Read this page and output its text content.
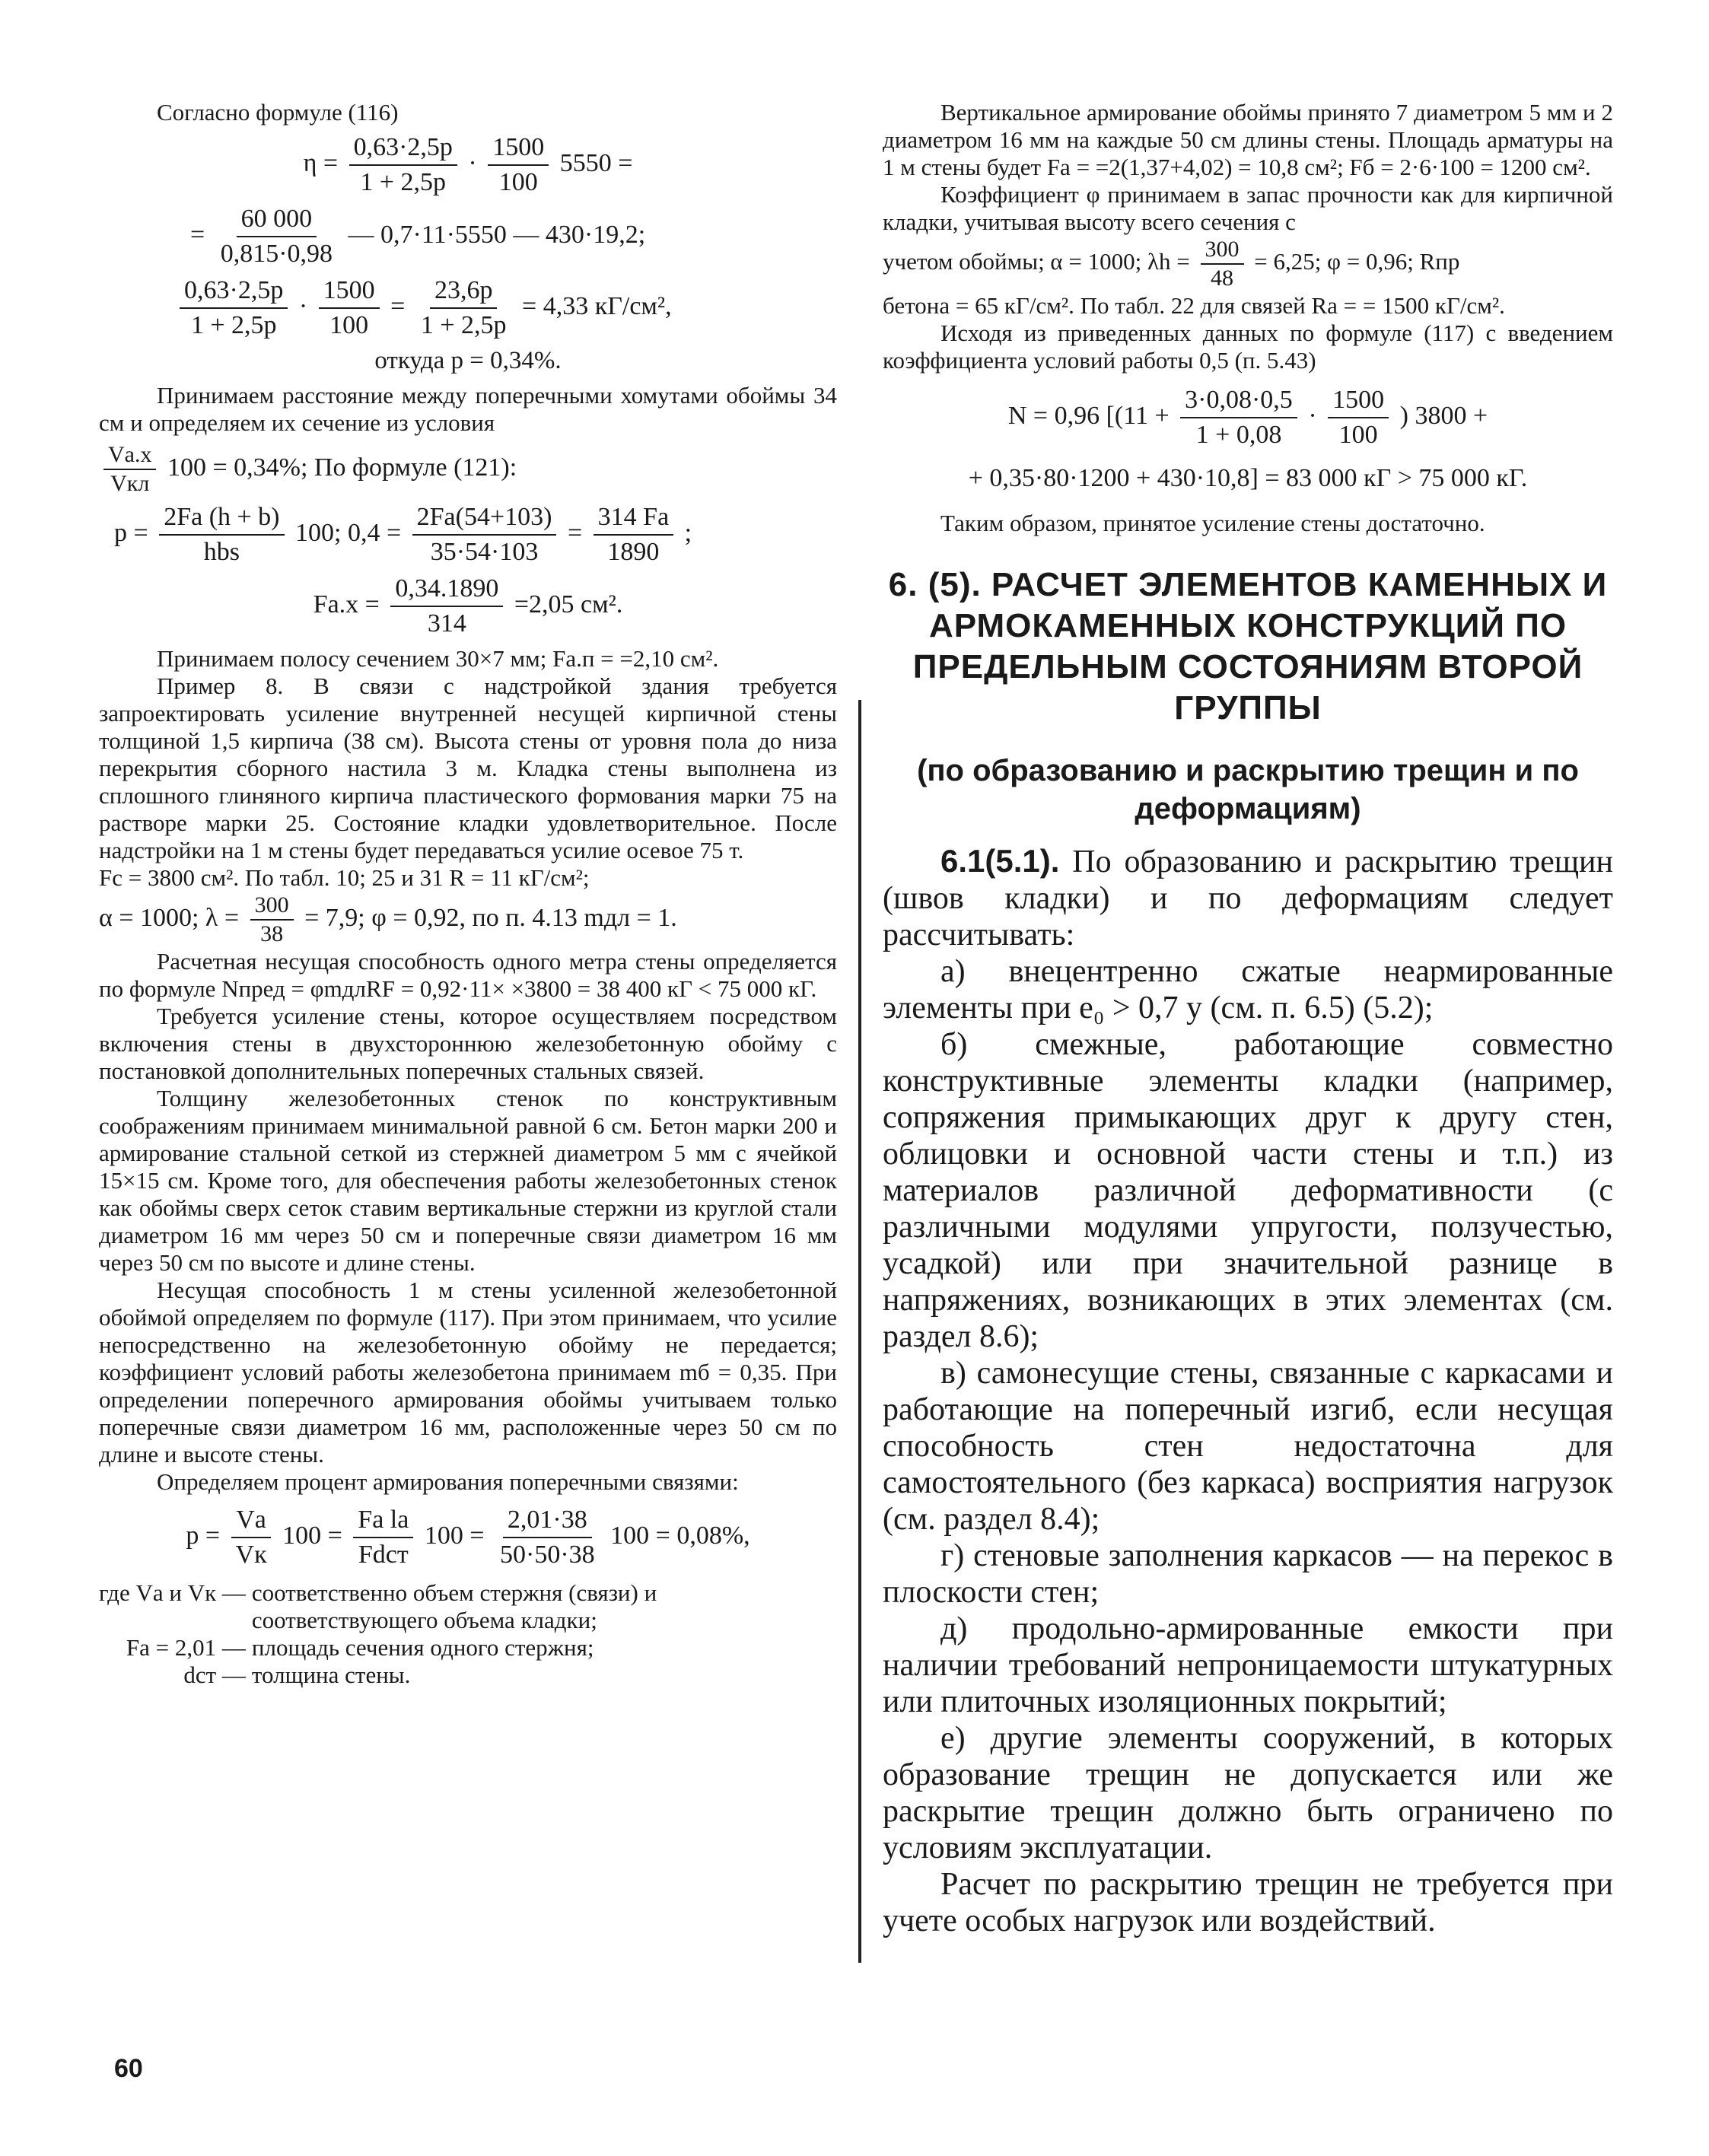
Согласно формуле (116)

$\eta = \frac{0,63\cdot 2,5p}{1 + 2,5p} \cdot \frac{1500}{100} 5550$ =
= $\frac{60 000}{0,815\cdot 0,98}$ — 0,7·11·5550 — 430·19,2;
$\frac{0,63\cdot 2,5p}{1 + 2,5p} \cdot \frac{1500}{100} = \frac{23,6p}{1 + 2,5p} = 4,33$ кГ/см²,

откуда p = 0,34%.

Принимаем расстояние между поперечными хомутами обоймы 34 см и определяем их сечение из условия

$\frac{Vа.х}{\text{Vкл}} 100 = 0,34\%$; По формуле (121):
$p = \frac{2Fа (h + b)}{\text{hbs}} 100$; $0,4 = \frac{2Fа(54+103)}{35\cdot 54\cdot 103} = \frac{314 Fа}{1890}$ ;
$Fа.х = \frac{0,34.1890}{314} =2,05$ см².

Принимаем полосу сечением 30×7 мм; Fа.п = =2,10 см².

Пример 8. В связи с надстройкой здания требуется запроектировать усиление внутренней несущей кирпичной стены толщиной 1,5 кирпича (38 см). Высота стены от уровня пола до низа перекрытия сборного настила 3 м. Кладка стены выполнена из сплошного глиняного кирпича пластического формования марки 75 на растворе марки 25. Состояние кладки удовлетворительное. После надстройки на 1 м стены будет передаваться усилие осевое 75 т.

Fc = 3800 см². По табл. 10; 25 и 31 R = 11 кГ/см²;

α = 1000; $\lambda = \frac{300}{38} = 7,9$; φ = 0,92, по п. 4.13 mдл = 1.

Расчетная несущая способность одного метра стены определяется по формуле Nпред = φmдлRF = 0,92·11× ×3800 = 38 400 кГ < 75 000 кГ.

Требуется усиление стены, которое осуществляем посредством включения стены в двухстороннюю железобетонную обойму с постановкой дополнительных поперечных стальных связей.

Толщину железобетонных стенок по конструктивным соображениям принимаем минимальной равной 6 см. Бетон марки 200 и армирование стальной сеткой из стержней диаметром 5 мм с ячейкой 15×15 см. Кроме того, для обеспечения работы железобетонных стенок как обоймы сверх сеток ставим вертикальные стержни из круглой стали диаметром 16 мм через 50 см и поперечные связи диаметром 16 мм через 50 см по высоте и длине стены.

Несущая способность 1 м стены усиленной железобетонной обоймой определяем по формуле (117). При этом принимаем, что усилие непосредственно на железобетонную обойму не передается; коэффициент условий работы железобетона принимаем mб = 0,35. При определении поперечного армирования обоймы учитываем только поперечные связи диаметром 16 мм, расположенные через 50 см по длине и высоте стены.

Определяем процент армирования поперечными связями:

$p = \frac{Vа}{Vк} 100 = \frac{\text{Fа lа}}{\text{Fdст}} 100 = \frac{2,01\cdot 38}{50\cdot 50\cdot 38} 100 = 0,08\%$,
где Vа и Vк —	соответственно объем стержня (связи) и соответствующего объема кладки;
Fа = 2,01 —	площадь сечения одного стержня;
dст —	толщина стены.

Вертикальное армирование обоймы принято 7 диаметром 5 мм и 2 диаметром 16 мм на каждые 50 см длины стены. Площадь арматуры на 1 м стены будет Fа = =2(1,37+4,02) = 10,8 см²; Fб = 2·6·100 = 1200 см².

Коэффициент φ принимаем в запас прочности как для кирпичной кладки, учитывая высоту всего сечения с

учетом обоймы; α = 1000; $\lambda h = \frac{300}{48} = 6,25$; φ = 0,96; Rпр

бетона = 65 кГ/см². По табл. 22 для связей Rа = = 1500 кГ/см².

Исходя из приведенных данных по формуле (117) с введением коэффициента условий работы 0,5 (п. 5.43)

N = 0,96 [($11 + \frac{3\cdot 0,08\cdot 0,5}{1 + 0,08} \cdot \frac{1500}{100}$ ) 3800 +

+ 0,35·80·1200 + 430·10,8] = 83 000 кГ > 75 000 кГ.

Таким образом, принятое усиление стены достаточно.

6. (5). РАСЧЕТ ЭЛЕМЕНТОВ КАМЕННЫХ И АРМОКАМЕННЫХ КОНСТРУКЦИЙ ПО ПРЕДЕЛЬНЫМ СОСТОЯНИЯМ ВТОРОЙ ГРУППЫ
(по образованию и раскрытию трещин и по деформациям)

6.1(5.1). По образованию и раскрытию трещин (швов кладки) и по деформациям следует рассчитывать:

а) внецентренно сжатые неармированные элементы при e₀ > 0,7 y (см. п. 6.5) (5.2);

б) смежные, работающие совместно конструктивные элементы кладки (например, сопряжения примыкающих друг к другу стен, облицовки и основной части стены и т.п.) из материалов различной деформативности (с различными модулями упругости, ползучестью, усадкой) или при значительной разнице в напряжениях, возникающих в этих элементах (см. раздел 8.6);

в) самонесущие стены, связанные с каркасами и работающие на поперечный изгиб, если несущая способность стен недостаточна для самостоятельного (без каркаса) восприятия нагрузок (см. раздел 8.4);

г) стеновые заполнения каркасов — на перекос в плоскости стен;

д) продольно-армированные емкости при наличии требований непроницаемости штукатурных или плиточных изоляционных покрытий;

е) другие элементы сооружений, в которых образование трещин не допускается или же раскрытие трещин должно быть ограничено по условиям эксплуатации.

Расчет по раскрытию трещин не требуется при учете особых нагрузок или воздействий.

60
